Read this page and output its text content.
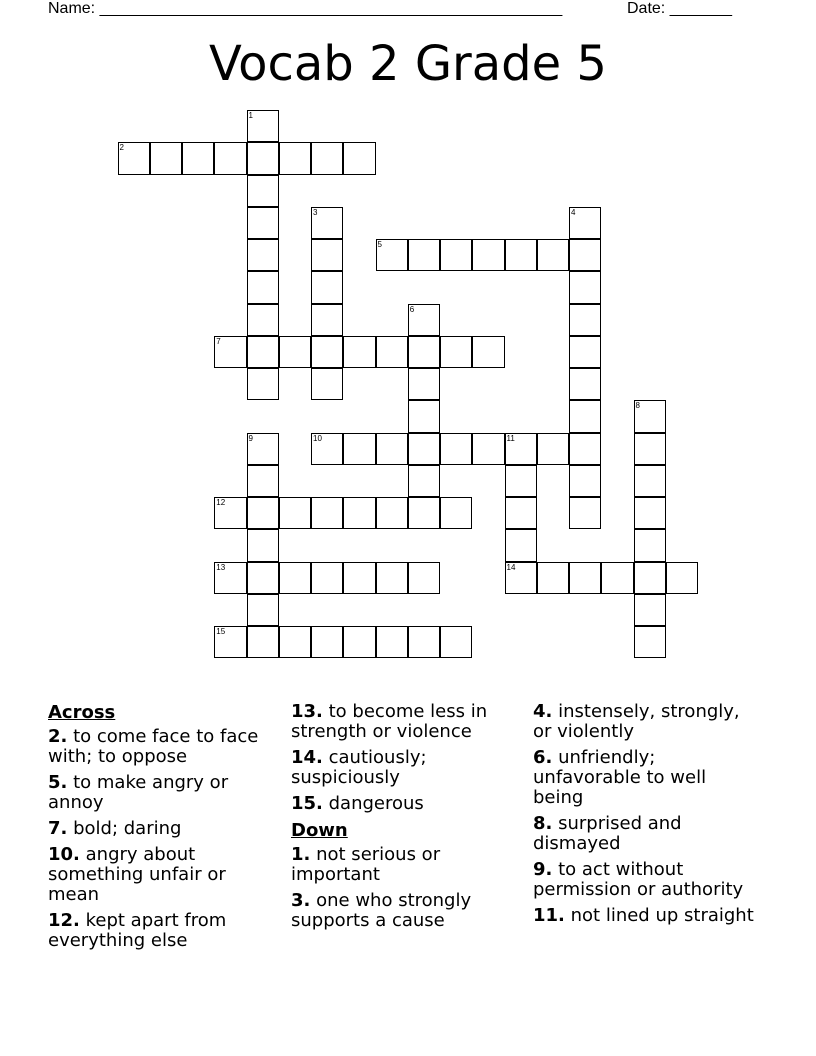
Name: ____________________________________________________	Date: _______
Vocab 2 Grade 5
2
5
7
10	11
12
13	14
15
1
3	4
6
8
9
Across
2. to come face to face with; to oppose
5. to make angry or annoy
7. bold; daring
10. angry about something unfair or mean
12. kept apart from everything else
13. to become less in strength or violence
14. cautiously; suspiciously
15. dangerous
Down
1. not serious or important
3. one who strongly supports a cause
4. instensely, strongly, or violently
6. unfriendly; unfavorable to well being
8. surprised and dismayed
9. to act without permission or authority
11. not lined up straight
